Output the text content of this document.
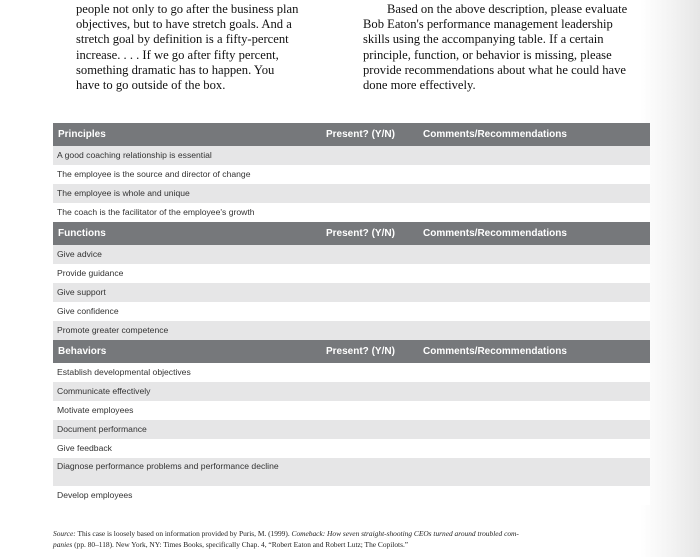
people not only to go after the business plan
objectives, but to have stretch goals. And a
stretch goal by definition is a fifty-percent
increase. . . . If we go after fifty percent,
something dramatic has to happen. You
have to go outside of the box.
Based on the above description, please evaluate
Bob Eaton's performance management leadership
skills using the accompanying table. If a certain
principle, function, or behavior is missing, please
provide recommendations about what he could have
done more effectively.
Principles	Present? (Y/N)	Comments/Recommendations
A good coaching relationship is essential
The employee is the source and director of change
The employee is whole and unique
The coach is the facilitator of the employee's growth
Functions	Present? (Y/N)	Comments/Recommendations
Give advice
Provide guidance
Give support
Give confidence
Promote greater competence
Behaviors	Present? (Y/N)	Comments/Recommendations
Establish developmental objectives
Communicate effectively
Motivate employees
Document performance
Give feedback
Diagnose performance problems and performance decline
Develop employees
Source: This case is loosely based on information provided by Puris, M. (1999). Comeback: How seven straight-shooting CEOs turned around troubled com-
panies (pp. 80–118). New York, NY: Times Books, specifically Chap. 4, “Robert Eaton and Robert Lutz; The Copilots.”
